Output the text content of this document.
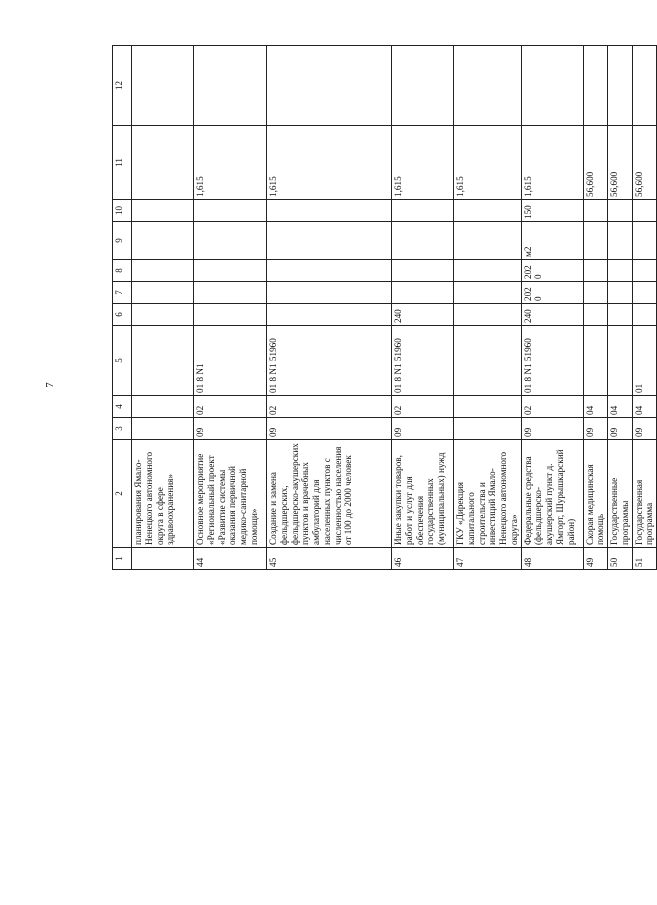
7
1	2	3	4	5	6	7	8	9	10	11	12
	планирования Ямало-Ненецкого автономного округа в сфере здравоохранения»										
44	Основное мероприятие «Региональный проект «Развитие системы оказания первичной медико-санитарной помощи»	09	02	01 8 N1						1,615	
45	Создание и замена фельдшерских, фельдшерско-акушерских пунктов и врачебных амбулаторий для населенных пунктов с численностью населения от 100 до 2000 человек	09	02	01 8 N1 51960						1,615	
46	Иные закупки товаров, работ и услуг для обеспечения государственных (муниципальных) нужд	09	02	01 8 N1 51960	240					1,615	
47	ГКУ «Дирекция капитального строительства и инвестиций Ямало-Ненецкого автономного округа»									1,615	
48	Федеральные средства (фельдшерско-акушерский пункт д. Ямгорт, Шурышкарский район)	09	02	01 8 N1 51960	240	2020	2020	м2	150	1,615	
49	Скорая медицинская помощь	09	04							56,600	
50	Государственные программы	09	04							56,600	
51	Государственная программа	09	04	01						56,600	
